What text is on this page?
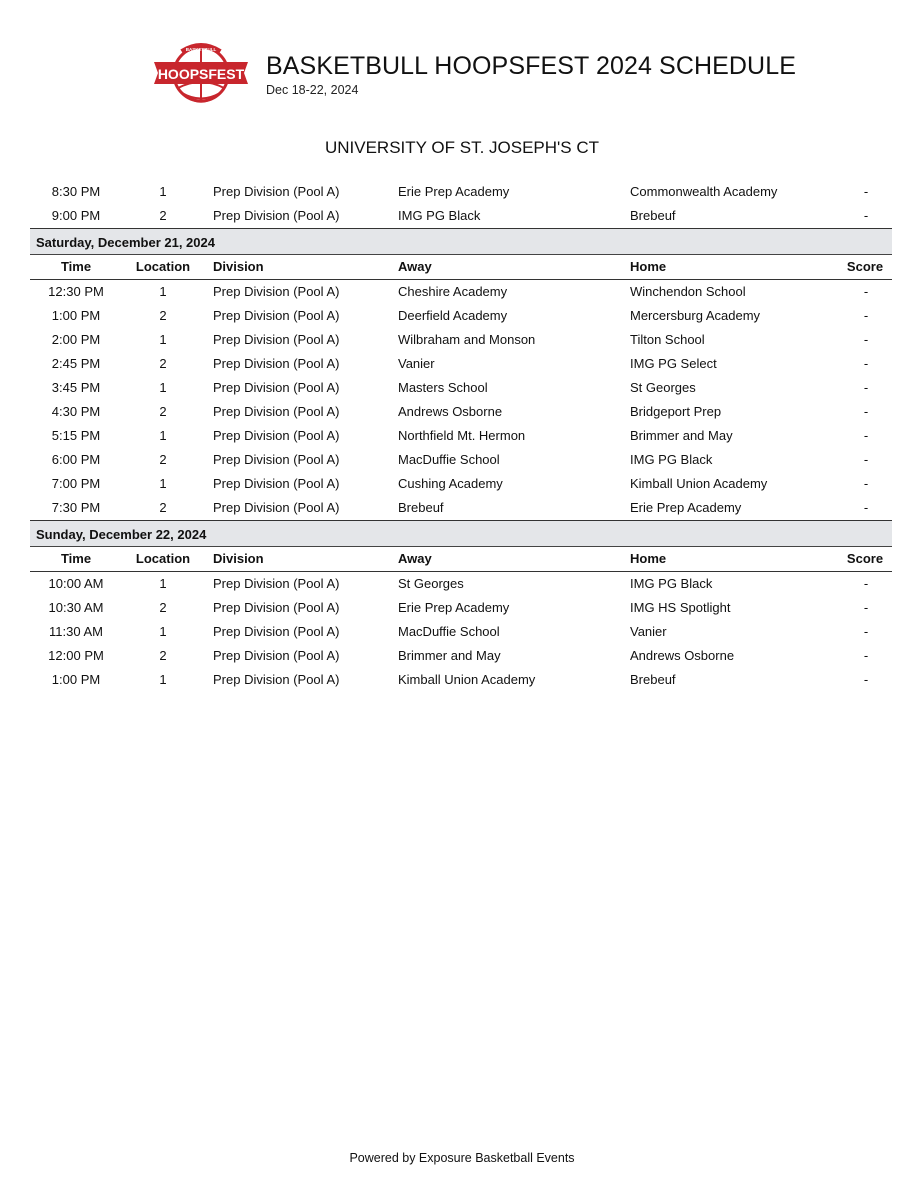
HOOPSFEST
BASKETBULL
BASKETBULL HOOPSFEST 2024 SCHEDULE
Dec 18-22, 2024
UNIVERSITY OF ST. JOSEPH'S CT
8:30 PM	1	Prep Division (Pool A)	Erie Prep Academy	Commonwealth Academy	-
9:00 PM	2	Prep Division (Pool A)	IMG PG Black	Brebeuf	-
Saturday, December 21, 2024
Time	Location	Division	Away	Home	Score
12:30 PM	1	Prep Division (Pool A)	Cheshire Academy	Winchendon School	-
1:00 PM	2	Prep Division (Pool A)	Deerfield Academy	Mercersburg Academy	-
2:00 PM	1	Prep Division (Pool A)	Wilbraham and Monson	Tilton School	-
2:45 PM	2	Prep Division (Pool A)	Vanier	IMG PG Select	-
3:45 PM	1	Prep Division (Pool A)	Masters School	St Georges	-
4:30 PM	2	Prep Division (Pool A)	Andrews Osborne	Bridgeport Prep	-
5:15 PM	1	Prep Division (Pool A)	Northfield Mt. Hermon	Brimmer and May	-
6:00 PM	2	Prep Division (Pool A)	MacDuffie School	IMG PG Black	-
7:00 PM	1	Prep Division (Pool A)	Cushing Academy	Kimball Union Academy	-
7:30 PM	2	Prep Division (Pool A)	Brebeuf	Erie Prep Academy	-
Sunday, December 22, 2024
Time	Location	Division	Away	Home	Score
10:00 AM	1	Prep Division (Pool A)	St Georges	IMG PG Black	-
10:30 AM	2	Prep Division (Pool A)	Erie Prep Academy	IMG HS Spotlight	-
11:30 AM	1	Prep Division (Pool A)	MacDuffie School	Vanier	-
12:00 PM	2	Prep Division (Pool A)	Brimmer and May	Andrews Osborne	-
1:00 PM	1	Prep Division (Pool A)	Kimball Union Academy	Brebeuf	-
Powered by Exposure Basketball Events
